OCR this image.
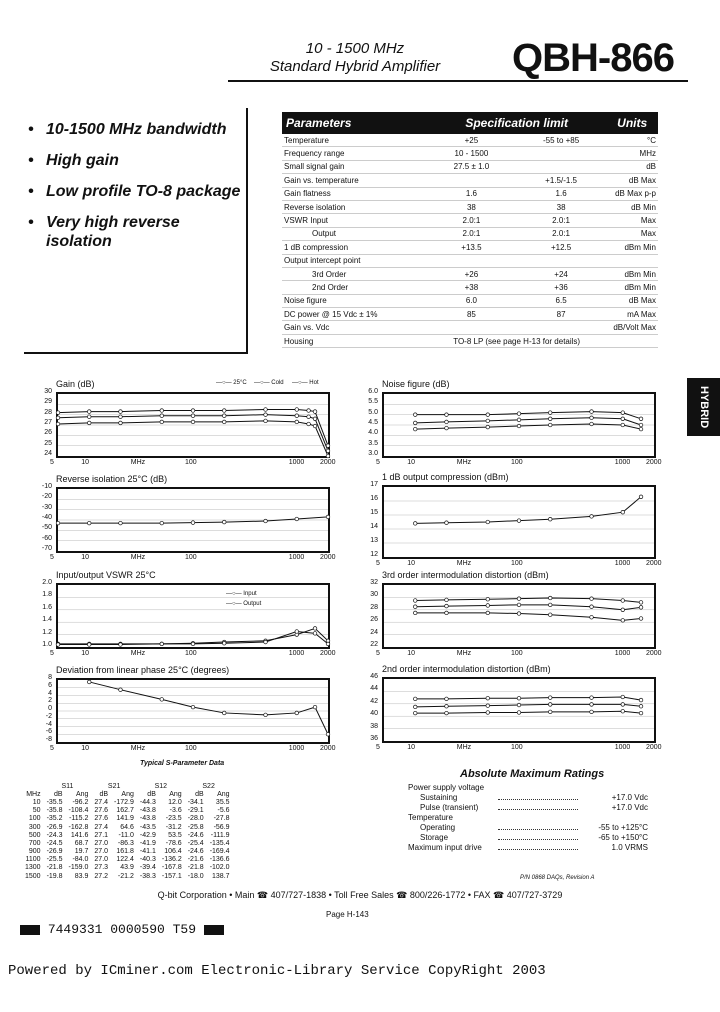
10 - 1500 MHz
Standard Hybrid Amplifier	QBH-866
• 10-1500 MHz bandwidth
• High gain
• Low profile TO-8 package
• Very high reverse isolation
Parameters	Specification limit		Units
Temperature	+25	-55 to +85	°C
Frequency range	10 - 1500		MHz
Small signal gain	27.5 ± 1.0		dB
Gain vs. temperature		+1.5/-1.5	dB Max
Gain flatness	1.6	1.6	dB Max p-p
Reverse isolation	38	38	dB Min
VSWR Input	2.0:1	2.0:1	Max
Output	2.0:1	2.0:1	Max
1 dB compression	+13.5	+12.5	dBm Min
Output intercept point			
3rd Order	+26	+24	dBm Min
2nd Order	+38	+36	dBm Min
Noise figure	6.0	6.5	dB Max
DC power @ 15 Vdc ± 1%	85	87	mA Max
Gain vs. Vdc			dB/Volt Max
Housing	TO-8 LP (see page H-13 for details)		
HYBRID
Gain (dB)	—○— 25°C —○— Cold —○— Hot
30
29
28
27
26
25
24
5	10	MHz	100	1000 2000
Noise figure (dB)
6.0
5.5
5.0
4.5
4.0
3.5
3.0
5	10	MHz	100	1000 2000
Reverse isolation 25°C (dB)
-10
-20
-30
-40
-50
-60
-70
5	10	MHz	100	1000 2000
1 dB output compression (dBm)
17
16
15
14
13
12
5	10	MHz	100	1000 2000
Input/output VSWR 25°C
—○— Input
—○— Output
2.0
1.8
1.6
1.4
1.2
1.0
5	10	MHz	100	1000 2000
3rd order intermodulation distortion (dBm)
32
30
28
26
24
22
5	10	MHz	100	1000 2000
Deviation from linear phase 25°C (degrees)
8
6
4
2
0
-2
-4
-6
-8
5	10	MHz	100	1000 2000
2nd order intermodulation distortion (dBm)
46
44
42
40
38
36
5	10	MHz	100	1000 2000
Typical S-Parameter Data
	S11		S21		S12		S22	
MHz	dB	Ang	dB	Ang	dB	Ang	dB	Ang
10	-35.5	-96.2	27.4	-172.9	-44.3	12.0	-34.1	35.5
50	-35.8	-108.4	27.6	162.7	-43.8	-3.6	-29.1	-5.6
100	-35.2	-115.2	27.6	141.9	-43.8	-23.5	-28.0	-27.8
300	-26.9	-162.8	27.4	64.6	-43.5	-31.2	-25.8	-56.9
500	-24.3	141.6	27.1	-11.0	-42.9	53.5	-24.6	-111.9
700	-24.5	68.7	27.0	-86.3	-41.9	-78.6	-25.4	-135.4
900	-26.9	19.7	27.0	161.8	-41.1	106.4	-24.6	-169.4
1100	-25.5	-84.0	27.0	122.4	-40.3	-136.2	-21.6	-136.6
1300	-21.8	-159.0	27.3	43.9	-39.4	-167.8	-21.8	-102.0
1500	-19.8	83.9	27.2	-21.2	-38.3	-157.1	-18.0	138.7
Absolute Maximum Ratings
Power supply voltage
Sustaining	+17.0 Vdc
Pulse (transient)	+17.0 Vdc
Temperature
Operating	-55 to +125°C
Storage	-65 to +150°C
Maximum input drive	1.0 VRMS
P/N 0868 DAQs, Revision A
Q-bit Corporation • Main ☎ 407/727-1838 • Toll Free Sales ☎ 800/226-1772 • FAX ☎ 407/727-3729
Page H-143
7449331 0000590 T59
Powered by ICminer.com Electronic-Library Service CopyRight 2003
